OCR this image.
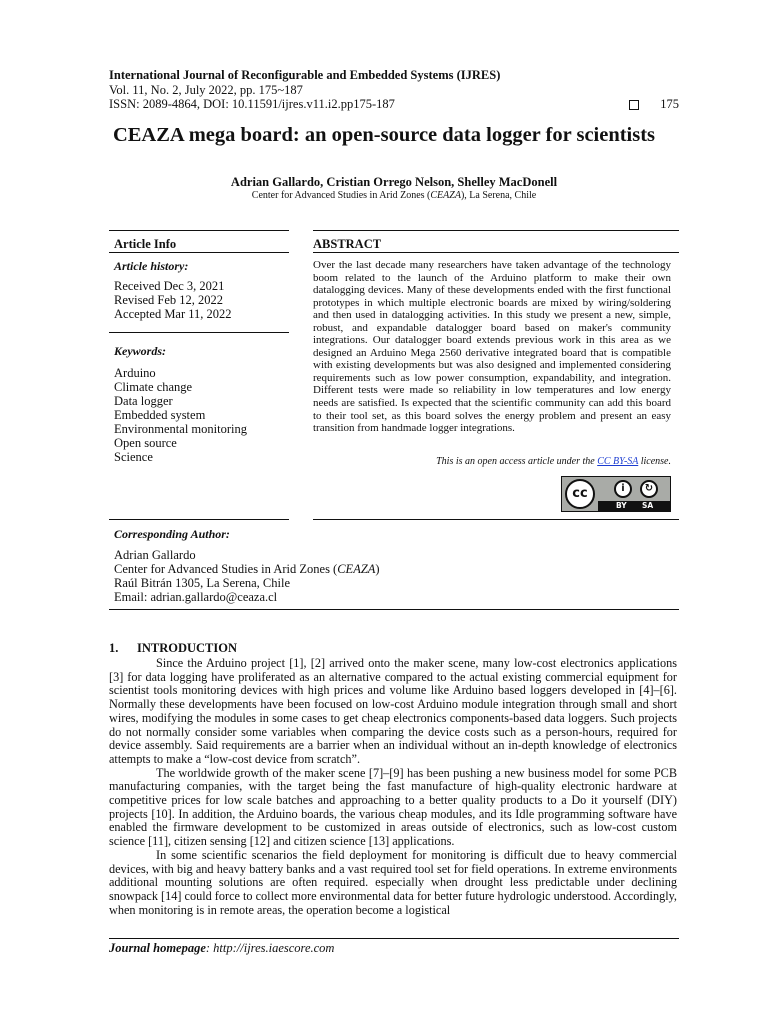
International Journal of Reconfigurable and Embedded Systems (IJRES)
Vol. 11, No. 2, July 2022, pp. 175~187
ISSN: 2089-4864, DOI: 10.11591/ijres.v11.i2.pp175-187	175
CEAZA mega board: an open-source data logger for scientists
Adrian Gallardo, Cristian Orrego Nelson, Shelley MacDonell
Center for Advanced Studies in Arid Zones (CEAZA), La Serena, Chile
Article Info
Article history:
Received Dec 3, 2021
Revised Feb 12, 2022
Accepted Mar 11, 2022
Keywords:
Arduino
Climate change
Data logger
Embedded system
Environmental monitoring
Open source
Science
ABSTRACT
Over the last decade many researchers have taken advantage of the technology boom related to the launch of the Arduino platform to make their own datalogging devices. Many of these developments ended with the first functional prototypes in which multiple electronic boards are mixed by wiring/soldering and then used in datalogging activities. In this study we present a new, simple, robust, and expandable datalogger board based on maker's community integrations. Our datalogger board extends previous work in this area as we designed an Arduino Mega 2560 derivative integrated board that is compatible with existing developments but was also designed and implemented considering requirements such as low power consumption, expandability, and integration. Different tests were made so reliability in low temperatures and low energy needs are satisfied. Is expected that the scientific community can add this board to their tool set, as this board solves the energy problem and present an easy transition from handmade logger integrations.
This is an open access article under the CC BY-SA license.
cc	i	↻
BY SA
Corresponding Author:
Adrian Gallardo
Center for Advanced Studies in Arid Zones (CEAZA)
Raúl Bitrán 1305, La Serena, Chile
Email: adrian.gallardo@ceaza.cl
1. INTRODUCTION

Since the Arduino project [1], [2] arrived onto the maker scene, many low-cost electronics applications [3] for data logging have proliferated as an alternative compared to the actual existing commercial equipment for scientist tools monitoring devices with high prices and volume like Arduino based loggers developed in [4]–[6]. Normally these developments have been focused on low-cost Arduino module integration through small and short wires, modifying the modules in some cases to get cheap electronics components-based data loggers. Such projects do not normally consider some variables when comparing the device costs such as a person-hours, required for device assembly. Said requirements are a barrier when an individual without an in-depth knowledge of electronics attempts to make a “low-cost device from scratch”.

The worldwide growth of the maker scene [7]–[9] has been pushing a new business model for some PCB manufacturing companies, with the target being the fast manufacture of high-quality electronic hardware at competitive prices for low scale batches and approaching to a better quality products to a Do it yourself (DIY) projects [10]. In addition, the Arduino boards, the various cheap modules, and its Idle programming software have enabled the firmware development to be customized in areas outside of electronics, such as low-cost custom science [11], citizen sensing [12] and citizen science [13] applications.

In some scientific scenarios the field deployment for monitoring is difficult due to heavy commercial devices, with big and heavy battery banks and a vast required tool set for field operations. In extreme environments additional mounting solutions are often required. especially when drought less predictable under declining snowpack [14] could force to collect more environmental data for better future hydrologic understood. Accordingly, when monitoring is in remote areas, the operation become a logistical

Journal homepage: http://ijres.iaescore.com
